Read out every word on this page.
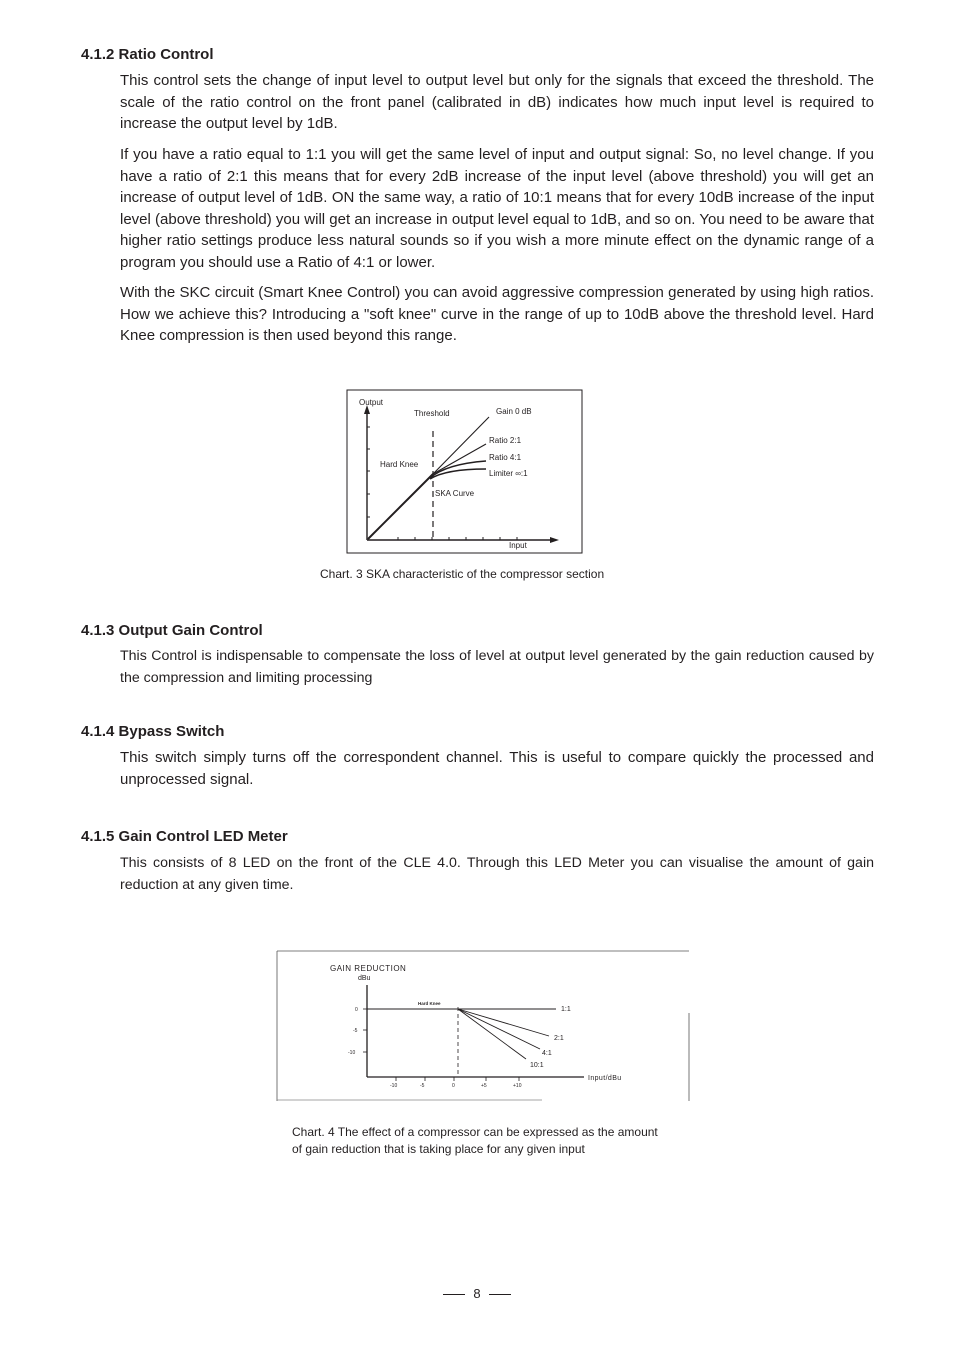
4.1.2 Ratio Control

This control sets the change of input level to output level but only for the signals that exceed the threshold. The scale of the ratio control on the front panel (calibrated in dB) indicates how much input level is required to increase the output level by 1dB.

If you have a ratio equal to 1:1 you will get the same level of input and output signal: So, no level change. If you have a ratio of 2:1 this means that for every 2dB increase of the input level (above threshold) you will get an increase of output level of 1dB. ON the same way, a ratio of 10:1 means that for every 10dB increase of the input level (above threshold) you will get an increase in output level equal to 1dB, and so on. You need to be aware that higher ratio settings produce less natural sounds so if you wish a more minute effect on the dynamic range of a program you should use a Ratio of 4:1 or lower.

With the SKC circuit (Smart Knee Control) you can avoid aggressive compression generated by using high ratios. How we achieve this? Introducing a "soft knee" curve in the range of up to 10dB above the threshold level. Hard Knee compression is then used beyond this range.

Output
Input
Threshold	Gain 0 dB
Ratio 2:1
Ratio 4:1
Limiter ∞:1
Hard Knee
SKA Curve

Chart. 3 SKA characteristic of the compressor section

4.1.3 Output Gain Control

This Control is indispensable to compensate the loss of level at output level generated by the gain reduction caused by the compression and limiting processing

4.1.4 Bypass Switch

This switch simply turns off the correspondent channel. This is useful to compare quickly the processed and unprocessed signal.

4.1.5 Gain Control LED Meter

This consists of 8 LED on the front of the CLE 4.0. Through this LED Meter you can visualise the amount of gain reduction at any given time.

GAIN REDUCTION
dBu
0
-5
-10
-10	-5	0	+5	+10
Hard Knee
1:1
2:1
4:1
10:1
Input/dBu

Chart. 4 The effect of a compressor can be expressed as the amount

of gain reduction that is taking place for any given input

8
